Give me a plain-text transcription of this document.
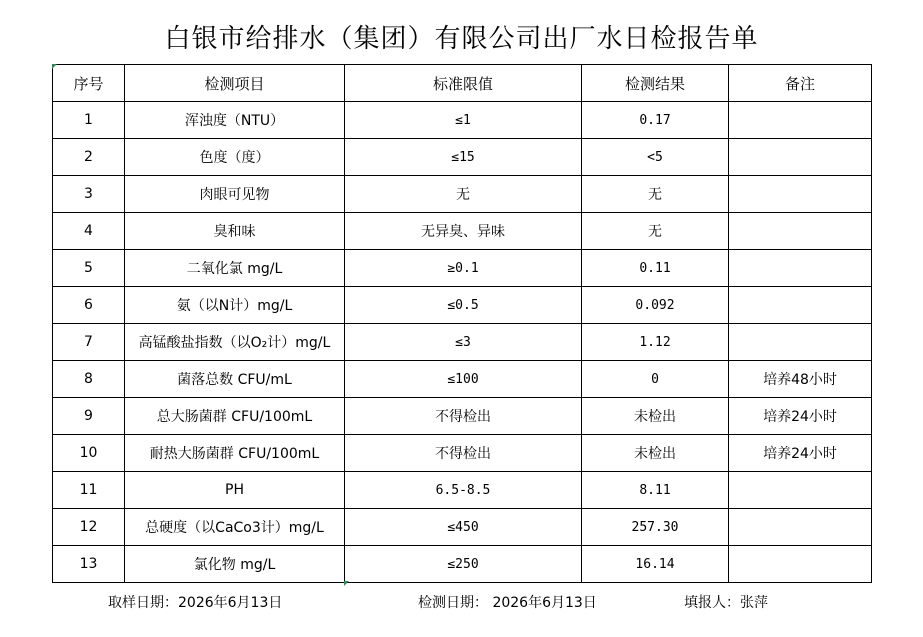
白银市给排水（集团）有限公司出厂水日检报告单
序号	检测项目	标准限值	检测结果	备注
1	浑浊度（NTU）	≤1	0.17	
2	色度（度）	≤15	<5	
3	肉眼可见物	无	无	
4	臭和味	无异臭、异味	无	
5	二氧化氯 mg/L	≥0.1	0.11	
6	氨（以N计）mg/L	≤0.5	0.092	
7	高锰酸盐指数（以O₂计）mg/L	≤3	1.12	
8	菌落总数 CFU/mL	≤100	0	培养48小时
9	总大肠菌群 CFU/100mL	不得检出	未检出	培养24小时
10	耐热大肠菌群 CFU/100mL	不得检出	未检出	培养24小时
11	PH	6.5-8.5	8.11	
12	总硬度（以CaCo3计）mg/L	≤450	257.30	
13	氯化物 mg/L	≤250	16.14	
取样日期：2026年6月13日	检测日期： 2026年6月13日	填报人：张萍
